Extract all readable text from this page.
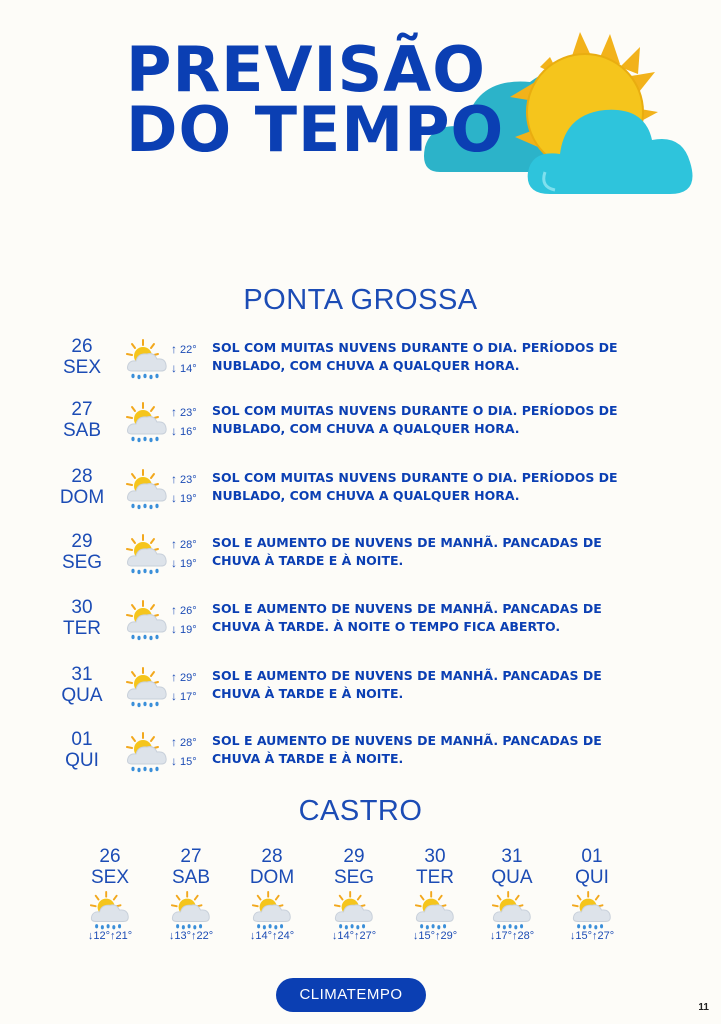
PREVISÃO
DO TEMPO
PONTA GROSSA
26
SEX
↑ 22°
↓ 14°
SOL COM MUITAS NUVENS DURANTE O DIA. PERÍODOS DE NUBLADO, COM CHUVA A QUALQUER HORA.
27
SAB
↑ 23°
↓ 16°
SOL COM MUITAS NUVENS DURANTE O DIA. PERÍODOS DE NUBLADO, COM CHUVA A QUALQUER HORA.
28
DOM
↑ 23°
↓ 19°
SOL COM MUITAS NUVENS DURANTE O DIA. PERÍODOS DE NUBLADO, COM CHUVA A QUALQUER HORA.
29
SEG
↑ 28°
↓ 19°
SOL E AUMENTO DE NUVENS DE MANHÃ. PANCADAS DE CHUVA À TARDE E À NOITE.
30
TER
↑ 26°
↓ 19°
SOL E AUMENTO DE NUVENS DE MANHÃ. PANCADAS DE CHUVA À TARDE. À NOITE O TEMPO FICA ABERTO.
31
QUA
↑ 29°
↓ 17°
SOL E AUMENTO DE NUVENS DE MANHÃ. PANCADAS DE CHUVA À TARDE E À NOITE.
01
QUI
↑ 28°
↓ 15°
SOL E AUMENTO DE NUVENS DE MANHÃ. PANCADAS DE CHUVA À TARDE E À NOITE.
CASTRO
26
SEX
↓12°↑21°
27
SAB
↓13°↑22°
28
DOM
↓14°↑24°
29
SEG
↓14°↑27°
30
TER
↓15°↑29°
31
QUA
↓17°↑28°
01
QUI
↓15°↑27°
CLIMATEMPO
11
